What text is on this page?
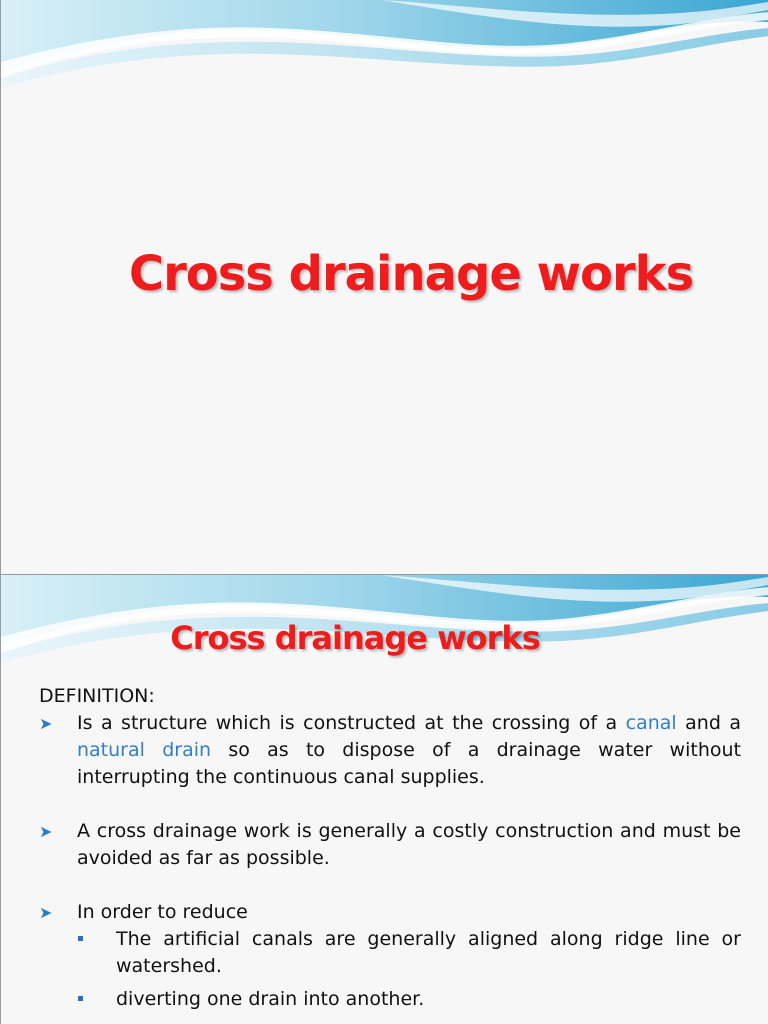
Cross drainage works
Cross drainage works
DEFINITION:
➤ Is a structure which is constructed at the crossing of a canal and a natural drain so as to dispose of a drainage water without interrupting the continuous canal supplies.
➤ A cross drainage work is generally a costly construction and must be avoided as far as possible.
➤ In order to reduce
The artificial canals are generally aligned along ridge line or watershed.
diverting one drain into another.
